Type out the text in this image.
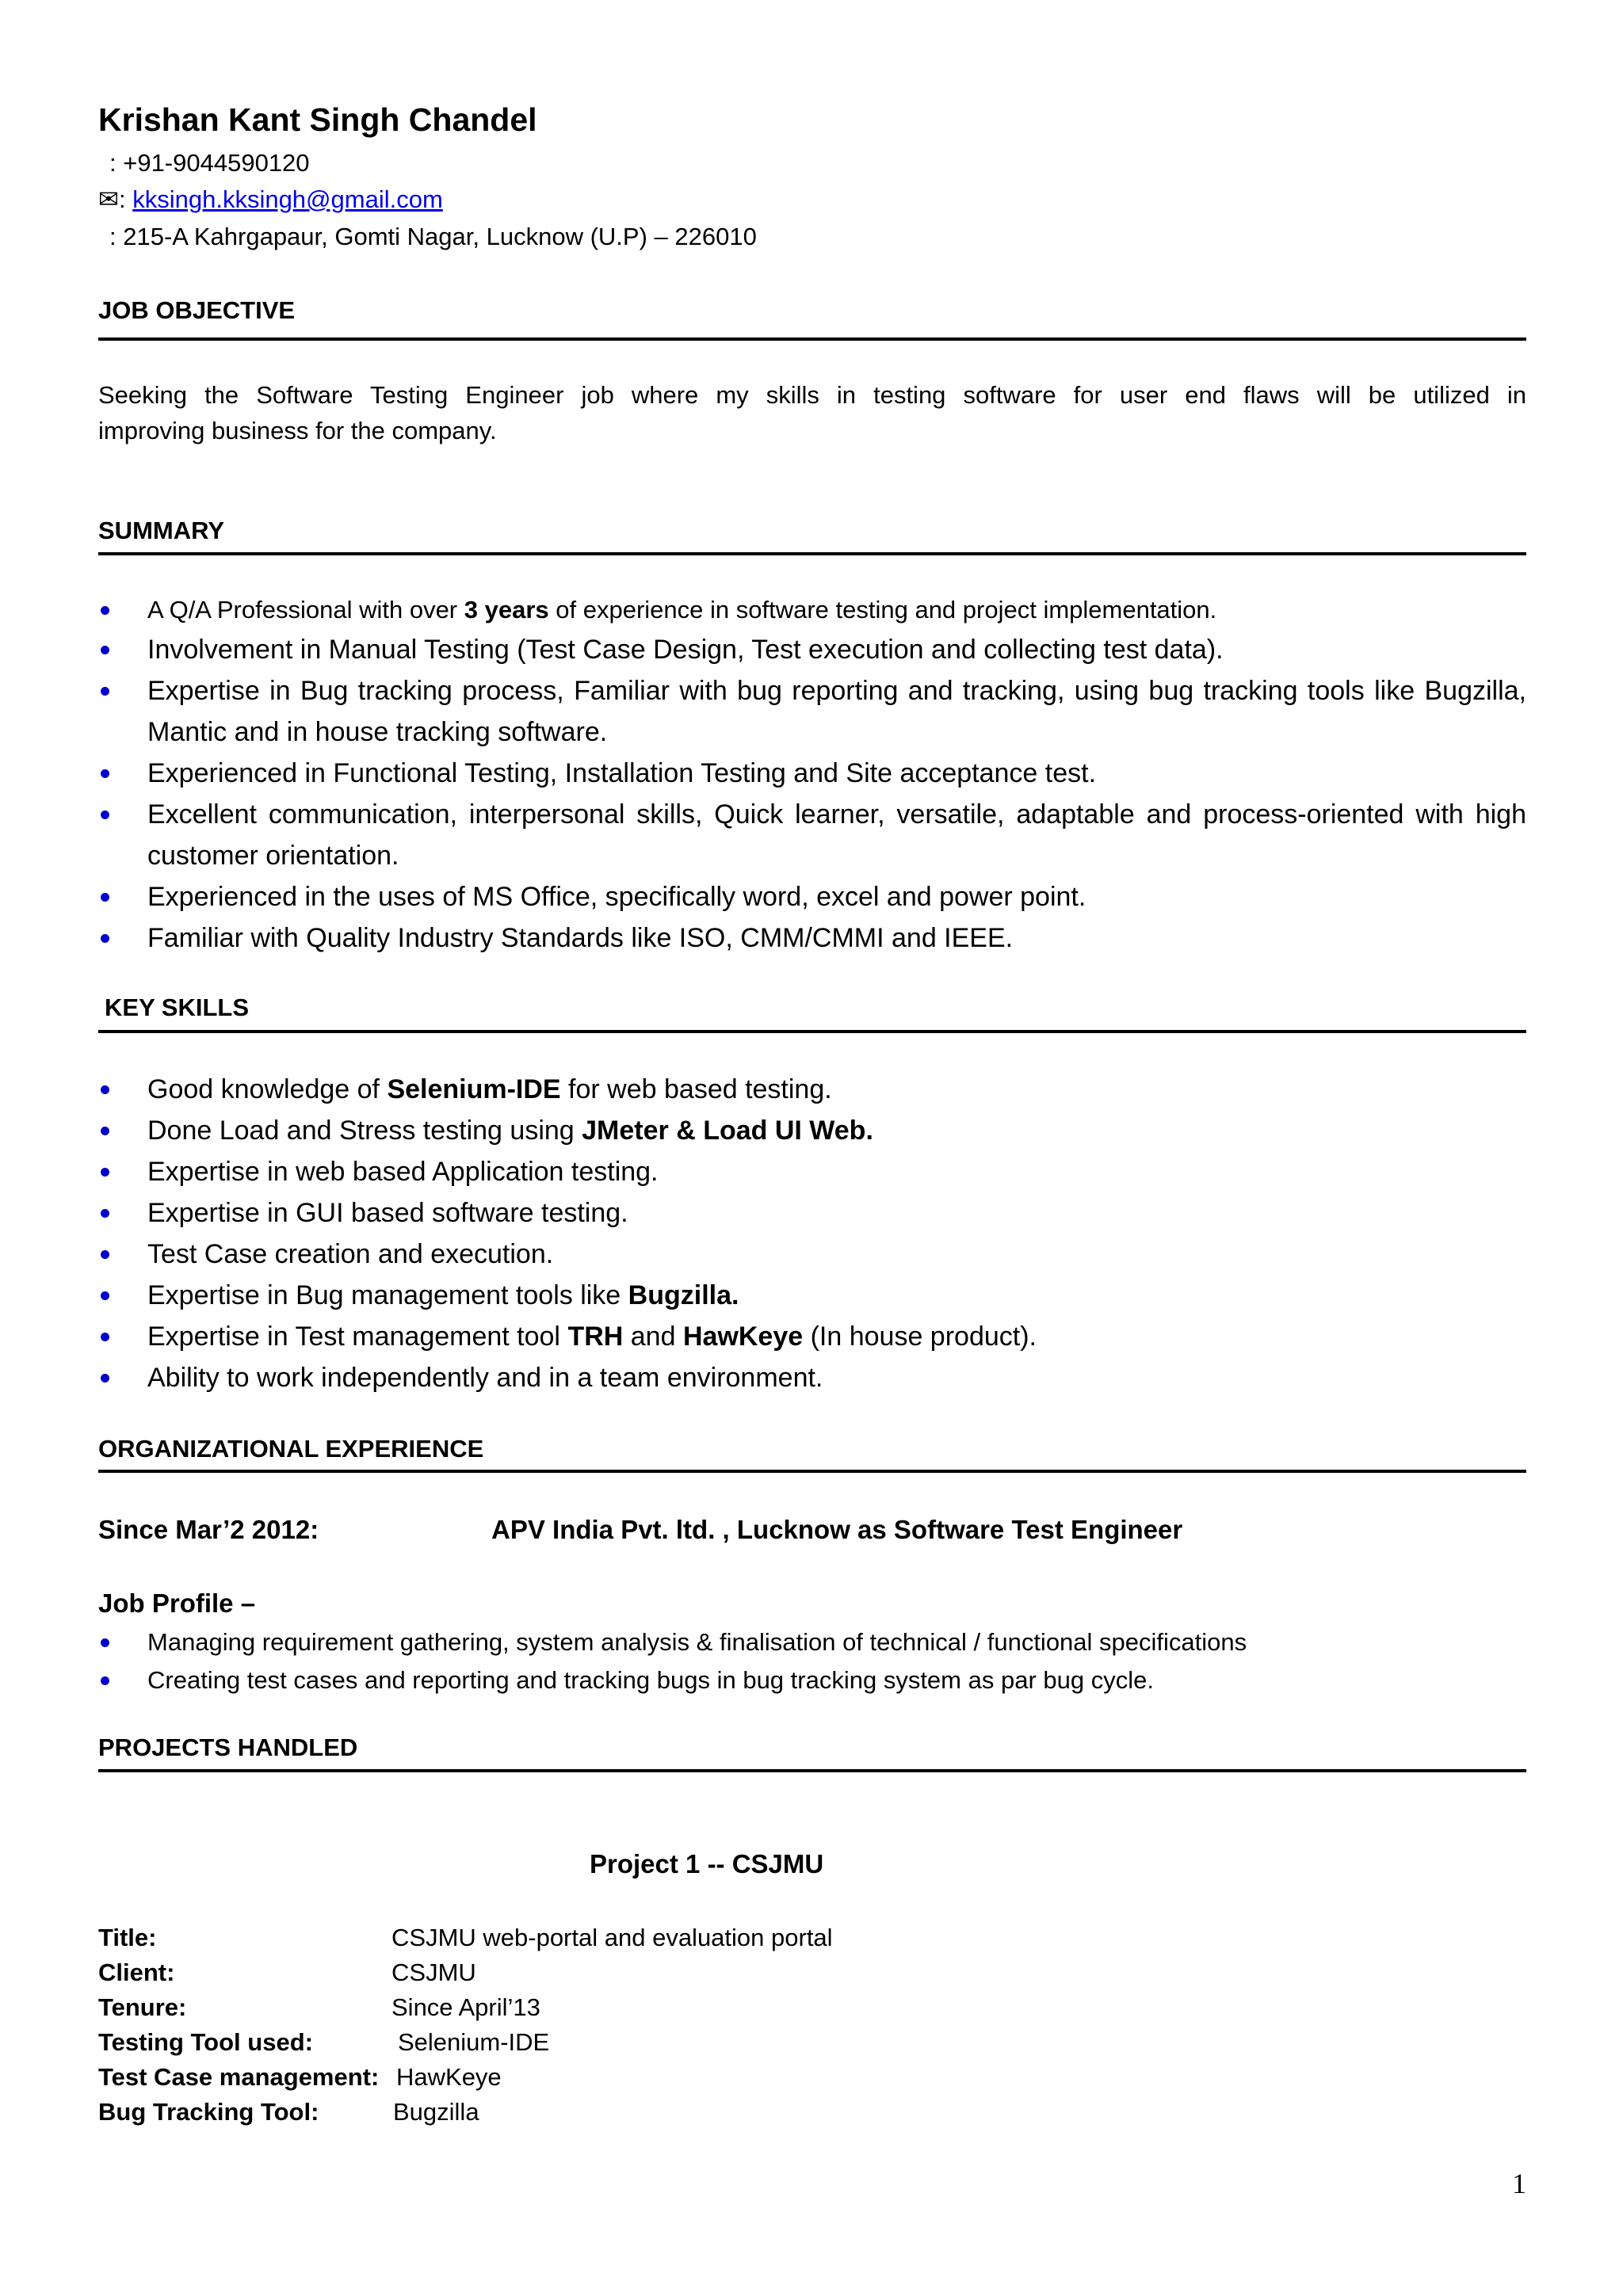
Krishan Kant Singh Chandel
: +91-9044590120
✉: kksingh.kksingh@gmail.com
: 215-A Kahrgapaur, Gomti Nagar, Lucknow (U.P) – 226010
JOB OBJECTIVE
Seeking the Software Testing Engineer job where my skills in testing software for user end flaws will be utilized in
improving business for the company.
SUMMARY
A Q/A Professional with over 3 years of experience in software testing and project implementation.
Involvement in Manual Testing (Test Case Design, Test execution and collecting test data).
Expertise in Bug tracking process, Familiar with bug reporting and tracking, using bug tracking tools like Bugzilla,
Mantic and in house tracking software.
Experienced in Functional Testing, Installation Testing and Site acceptance test.
Excellent communication, interpersonal skills, Quick learner, versatile, adaptable and process-oriented with high
customer orientation.
Experienced in the uses of MS Office, specifically word, excel and power point.
Familiar with Quality Industry Standards like ISO, CMM/CMMI and IEEE.
KEY SKILLS
Good knowledge of Selenium-IDE for web based testing.
Done Load and Stress testing using JMeter & Load UI Web.
Expertise in web based Application testing.
Expertise in GUI based software testing.
Test Case creation and execution.
Expertise in Bug management tools like Bugzilla.
Expertise in Test management tool TRH and HawKeye (In house product).
Ability to work independently and in a team environment.
ORGANIZATIONAL EXPERIENCE
Since Mar’2 2012:	APV India Pvt. ltd. , Lucknow as Software Test Engineer
Job Profile –
Managing requirement gathering, system analysis & finalisation of technical / functional specifications
Creating test cases and reporting and tracking bugs in bug tracking system as par bug cycle.
PROJECTS HANDLED
Project 1 -- CSJMU
Title:	CSJMU web-portal and evaluation portal
Client:	CSJMU
Tenure:	Since April’13
Testing Tool used:	Selenium-IDE
Test Case management: HawKeye
Bug Tracking Tool:	Bugzilla
1
